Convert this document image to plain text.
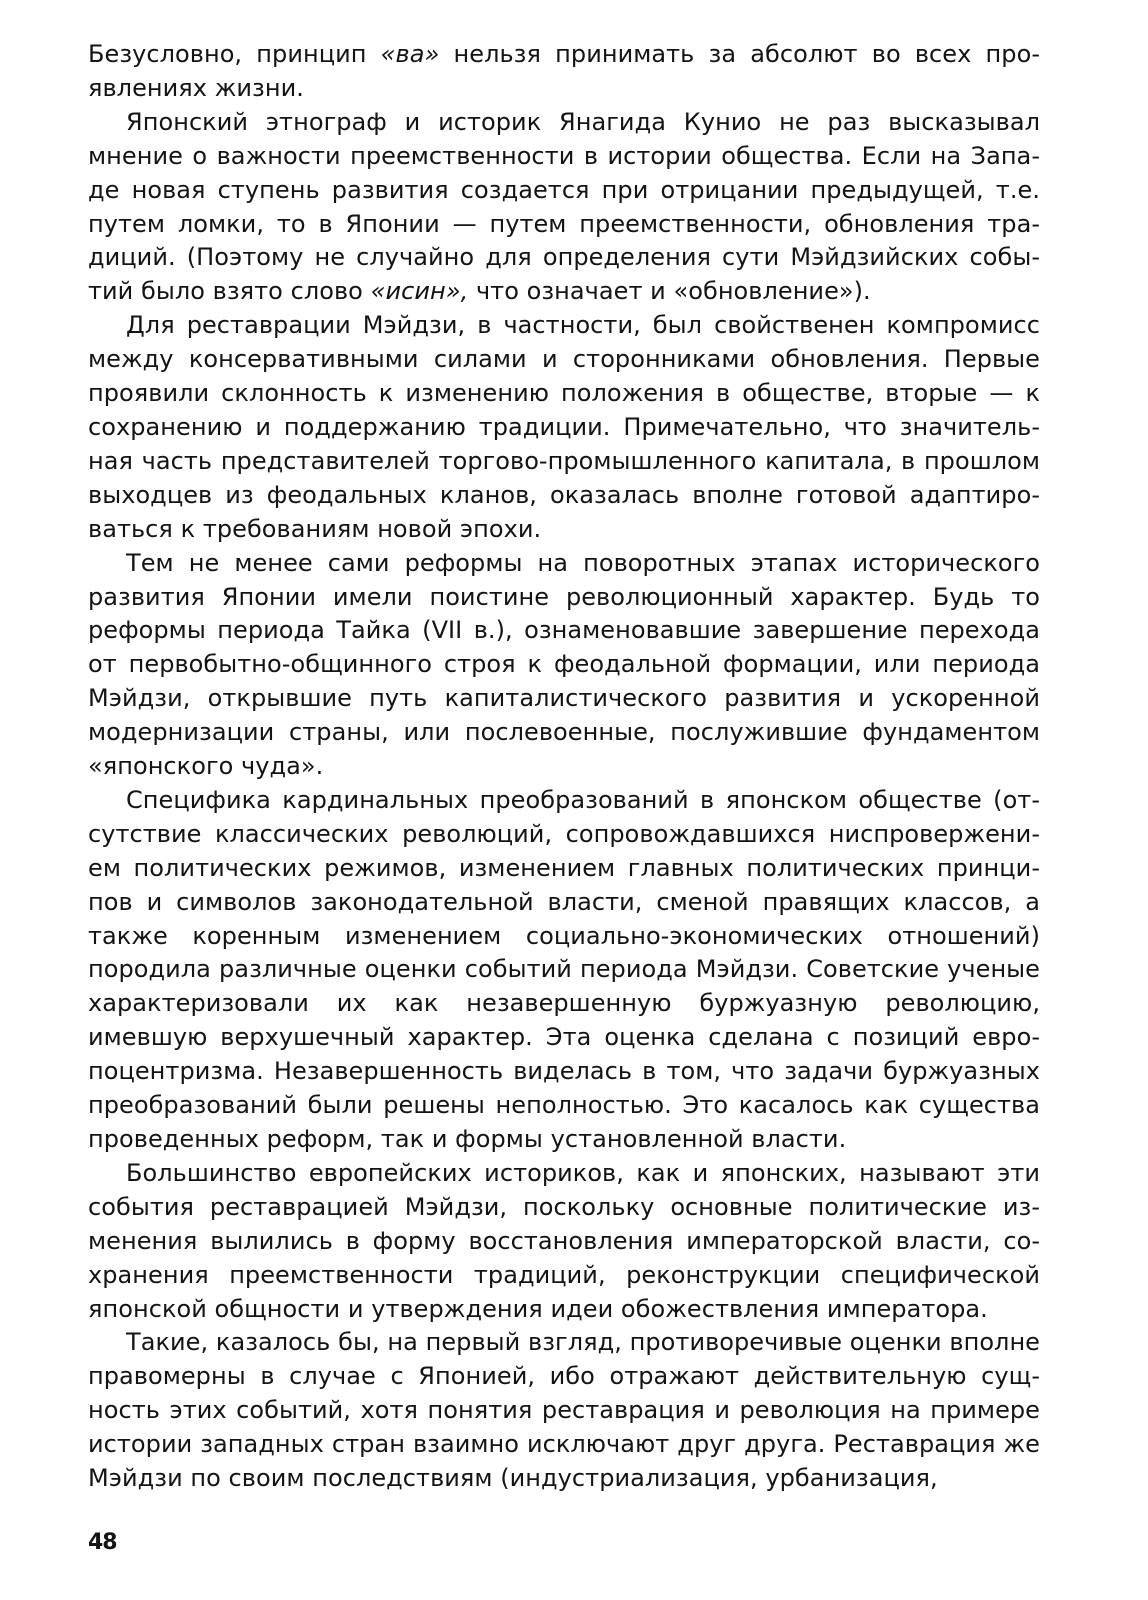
Безусловно, принцип «ва» нельзя принимать за абсолют во всех проявлениях жизни.

Японский этнограф и историк Янагида Кунио не раз высказывал мнение о важности преемственности в истории общества. Если на Западе новая ступень развития создается при отрицании предыдущей, т.е. путем ломки, то в Японии — путем преемственности, обновления традиций. (Поэтому не случайно для определения сути Мэйдзийских событий было взято слово «исин», что означает и «обновление»).

Для реставрации Мэйдзи, в частности, был свойственен компромисс между консервативными силами и сторонниками обновления. Первые проявили склонность к изменению положения в обществе, вторые — к сохранению и поддержанию традиции. Примечательно, что значительная часть представителей торгово-промышленного капитала, в прошлом выходцев из феодальных кланов, оказалась вполне готовой адаптироваться к требованиям новой эпохи.

Тем не менее сами реформы на поворотных этапах исторического развития Японии имели поистине революционный характер. Будь то реформы периода Тайка (VII в.), ознаменовавшие завершение перехода от первобытно-общинного строя к феодальной формации, или периода Мэйдзи, открывшие путь капиталистического развития и ускоренной модернизации страны, или послевоенные, послужившие фундаментом «японского чуда».

Специфика кардинальных преобразований в японском обществе (отсутствие классических революций, сопровождавшихся ниспровержением политических режимов, изменением главных политических принципов и символов законодательной власти, сменой правящих классов, а также коренным изменением социально-экономических отношений) породила различные оценки событий периода Мэйдзи. Советские ученые характеризовали их как незавершенную буржуазную революцию, имевшую верхушечный характер. Эта оценка сделана с позиций европоцентризма. Незавершенность виделась в том, что задачи буржуазных преобразований были решены неполностью. Это касалось как существа проведенных реформ, так и формы установленной власти.

Большинство европейских историков, как и японских, называют эти события реставрацией Мэйдзи, поскольку основные политические изменения вылились в форму восстановления императорской власти, сохранения преемственности традиций, реконструкции специфической японской общности и утверждения идеи обожествления императора.

Такие, казалось бы, на первый взгляд, противоречивые оценки вполне правомерны в случае с Японией, ибо отражают действительную сущность этих событий, хотя понятия реставрация и революция на примере истории западных стран взаимно исключают друг друга. Реставрация же Мэйдзи по своим последствиям (индустриализация, урбанизация,

48
